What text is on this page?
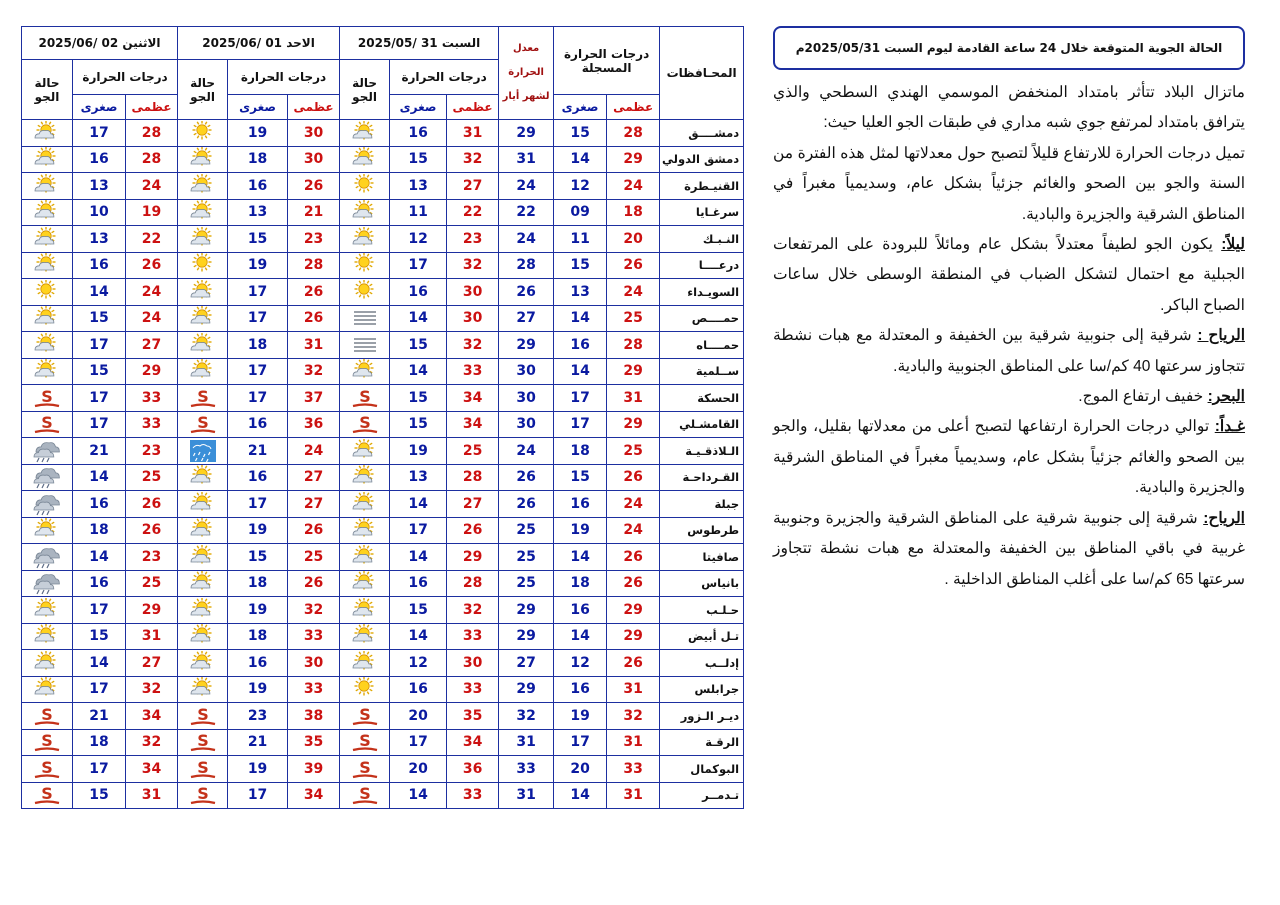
المحـافظات	درجات الحرارة المسجلة		معدل الحرارة لشهر أيار	السبت 31 /2025/05			الاحد 01 /2025/06			الاثنين 02 /2025/06		
				درجات الحرارة		حالة الجو	درجات الحرارة		حالة الجو	درجات الحرارة		حالة الجو
	عظمى	صغرى		عظمى	صغرى		عظمى	صغرى		عظمى	صغرى	
دمشــــق	28	15	29	31	16		30	19		28	17	

دمشق الدولي	29	14	31	32	15		30	18		28	16	

القنيـطرة	24	12	24	27	13		26	16		24	13	

سرغـايا	18	09	22	22	11		21	13		19	10	

النـبـك	20	11	24	23	12		23	15		22	13	

درعــــا	26	15	28	32	17		28	19		26	16	

السويـداء	24	13	26	30	16		26	17		24	14	

حمــــص	25	14	27	30	14		26	17		24	15	

حمــــاه	28	16	29	32	15		31	18		27	17	

ســلمية	29	14	30	33	14		32	17		29	15	

الحسكة	31	17	30	34	15	S	37	17	S	33	17	S

القامشـلي	29	17	30	34	15	S	36	16	S	33	17	S

الـلاذقـيـة	25	18	24	25	19		24	21		23	21	

القـرداحـة	26	15	26	28	13		27	16		25	14	

جبلة	24	16	26	27	14		27	17		26	16	

طرطوس	24	19	25	26	17		26	19		26	18	

صافيتا	26	14	25	29	14		25	15		23	14	

بانياس	26	18	25	28	16		26	18		25	16	

حـلـب	29	16	29	32	15		32	19		29	17	

تـل أبيض	29	14	29	33	14		33	18		31	15	

إدلــب	26	12	27	30	12		30	16		27	14	

جرابلس	31	16	29	33	16		33	19		32	17	

ديـر الـزور	32	19	32	35	20	S	38	23	S	34	21	S

الرقـة	31	17	31	34	17	S	35	21	S	32	18	S

البوكمال	33	20	33	36	20	S	39	19	S	34	17	S

تـدمــر	31	14	31	33	14	S	34	17	S	31	15	S
الحالة الجوية المتوقعة خلال 24 ساعة القادمة ليوم السبت 2025/05/31م

ماتزال البلاد تتأثر بامتداد المنخفض الموسمي الهندي السطحي والذي يترافق بامتداد لمرتفع جوي شبه مداري في طبقات الجو العليا حيث:

تميل درجات الحرارة للارتفاع قليلاً لتصبح حول معدلاتها لمثل هذه الفترة من السنة والجو بين الصحو والغائم جزئياً بشكل عام، وسديمياً مغبراً في المناطق الشرقية والجزيرة والبادية.

ليلاً: يكون الجو لطيفاً معتدلاً بشكل عام ومائلاً للبرودة على المرتفعات الجبلية مع احتمال لتشكل الضباب في المنطقة الوسطى خلال ساعات الصباح الباكر.

الرياح : شرقية إلى جنوبية شرقية بين الخفيفة و المعتدلة مع هبات نشطة تتجاوز سرعتها 40 كم/سا على المناطق الجنوبية والبادية.

البحر: خفيف ارتفاع الموج.

غـداً: توالي درجات الحرارة ارتفاعها لتصبح أعلى من معدلاتها بقليل، والجو بين الصحو والغائم جزئياً بشكل عام، وسديمياً مغبراً في المناطق الشرقية والجزيرة والبادية.

الرياح: شرقية إلى جنوبية شرقية على المناطق الشرقية والجزيرة وجنوبية غربية في باقي المناطق بين الخفيفة والمعتدلة مع هبات نشطة تتجاوز سرعتها 65 كم/سا على أغلب المناطق الداخلية .
